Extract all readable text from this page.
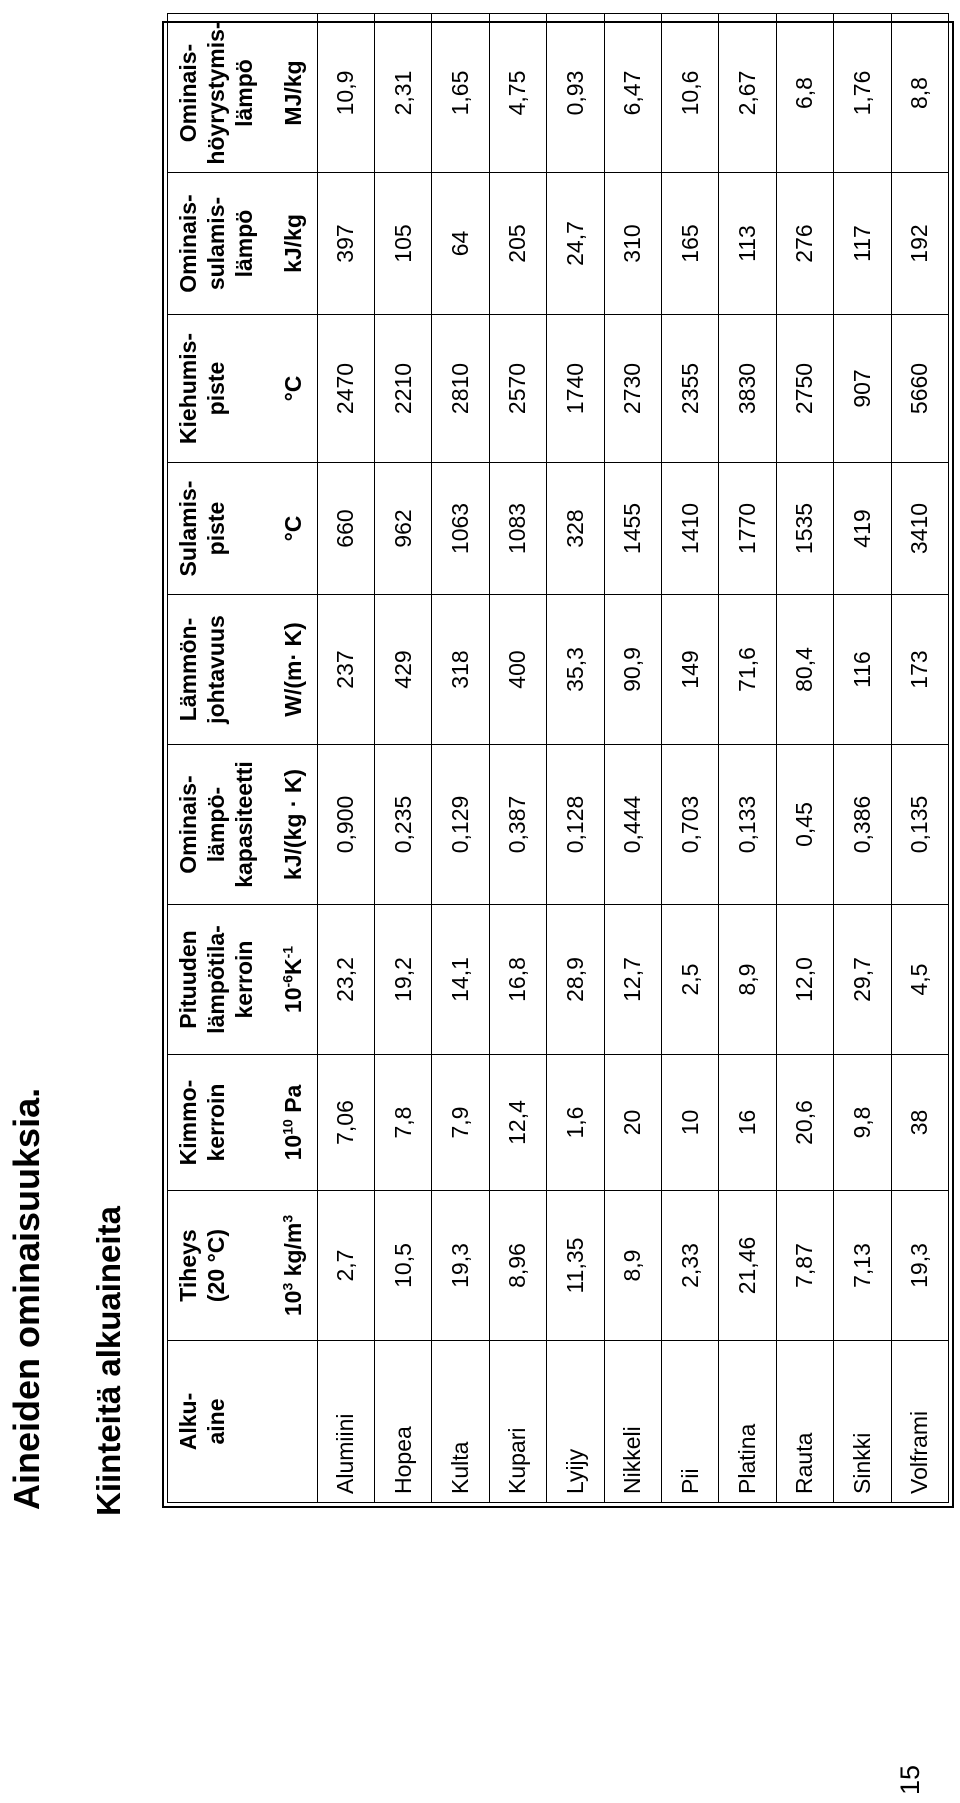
15
Aineiden ominaisuuksia. Kiinteitä alkuaineita Alku- aine	Tiheys (20 °C)	Kimmo- kerroin	Pituuden lämpötila- kerroin	Ominais- lämpö- kapasiteetti	Lämmön- johtavuus	Sulamis- piste	Kiehumis- piste	Ominais- sulamis- lämpö	Ominais- höyrystymis- lämpö

	$10^3$ $kg/m^3$	$10^{10}$ Pa	$10^{-6}K^{-1}$	kJ/(kg · K)	W/(m· K)	°C	°C	kJ/kg	MJ/kg
Alumiini	2,7	7,06	23,2	0,900	237	660	2470	397	10,9
Hopea	10,5	7,8	19,2	0,235	429	962	2210	105	2,31
Kulta	19,3	7,9	14,1	0,129	318	1063	2810	64	1,65
Kupari	8,96	12,4	16,8	0,387	400	1083	2570	205	4,75
Lyijy	11,35	1,6	28,9	0,128	35,3	328	1740	24,7	0,93
Nikkeli	8,9	20	12,7	0,444	90,9	1455	2730	310	6,47
Pii	2,33	10	2,5	0,703	149	1410	2355	165	10,6
Platina	21,46	16	8,9	0,133	71,6	1770	3830	113	2,67
Rauta	7,87	20,6	12,0	0,45	80,4	1535	2750	276	6,8
Sinkki	7,13	9,8	29,7	0,386	116	419	907	117	1,76
Volframi	19,3	38	4,5	0,135	173	3410	5660	192	8,8
